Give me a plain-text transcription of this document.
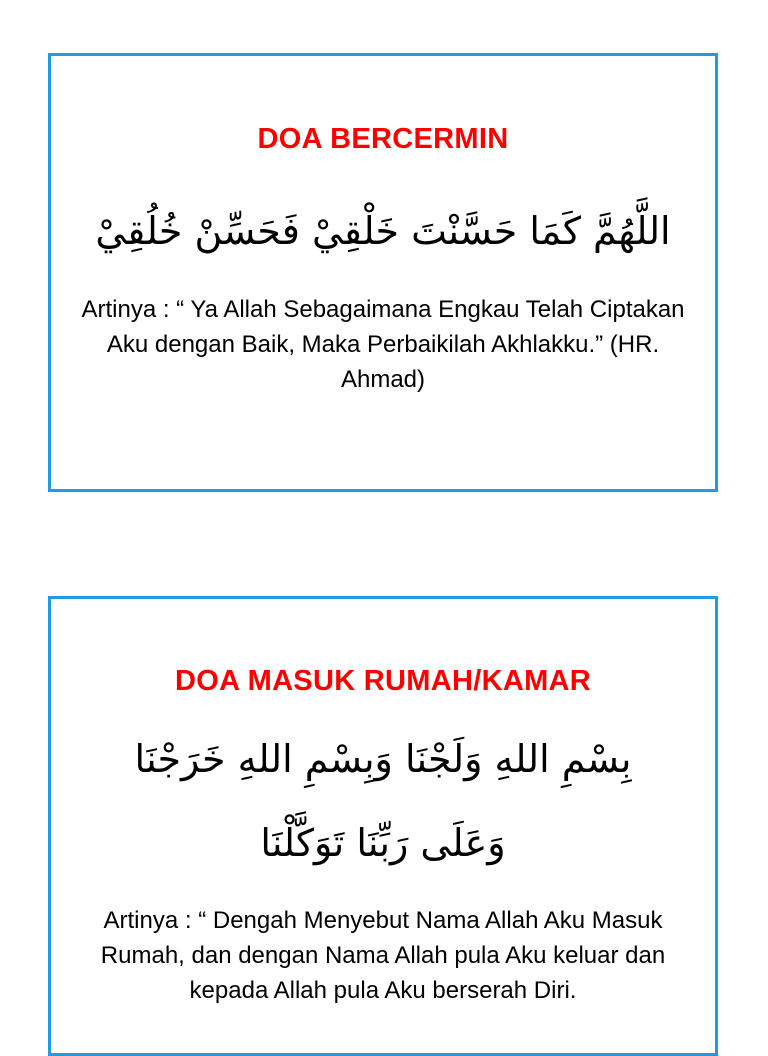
DOA BERCERMIN

اللَّهُمَّ كَمَا حَسَّنْتَ خَلْقِيْ فَحَسِّنْ خُلُقِيْ

Artinya : “ Ya Allah Sebagaimana Engkau Telah Ciptakan Aku dengan Baik, Maka Perbaikilah Akhlakku.” (HR. Ahmad)

DOA MASUK RUMAH/KAMAR

بِسْمِ اللهِ وَلَجْنَا وَبِسْمِ اللهِ خَرَجْنَا وَعَلَى رَبِّنَا تَوَكَّلْنَا

Artinya : “ Dengah Menyebut Nama Allah Aku Masuk Rumah, dan dengan Nama Allah pula Aku keluar dan kepada Allah pula Aku berserah Diri.
